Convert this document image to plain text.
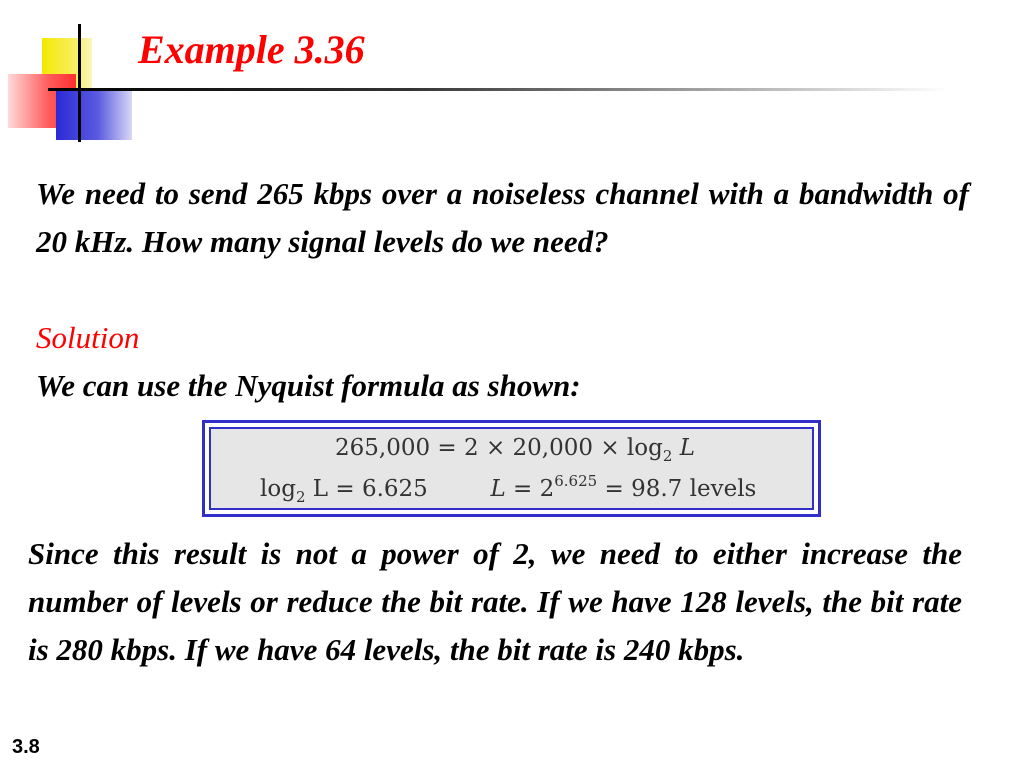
Example 3.36

We need to send 265 kbps over a noiseless channel with a bandwidth of 20 kHz. How many signal levels do we need?

Solution

We can use the Nyquist formula as shown:

$265,000 = 2 \times 20,000 \times \log_2 L$
$\log_2 L = 6.625$	$L = 2^{6.625} = 98.7$ levels

Since this result is not a power of 2, we need to either increase the number of levels or reduce the bit rate. If we have 128 levels, the bit rate is 280 kbps. If we have 64 levels, the bit rate is 240 kbps.

3.8
